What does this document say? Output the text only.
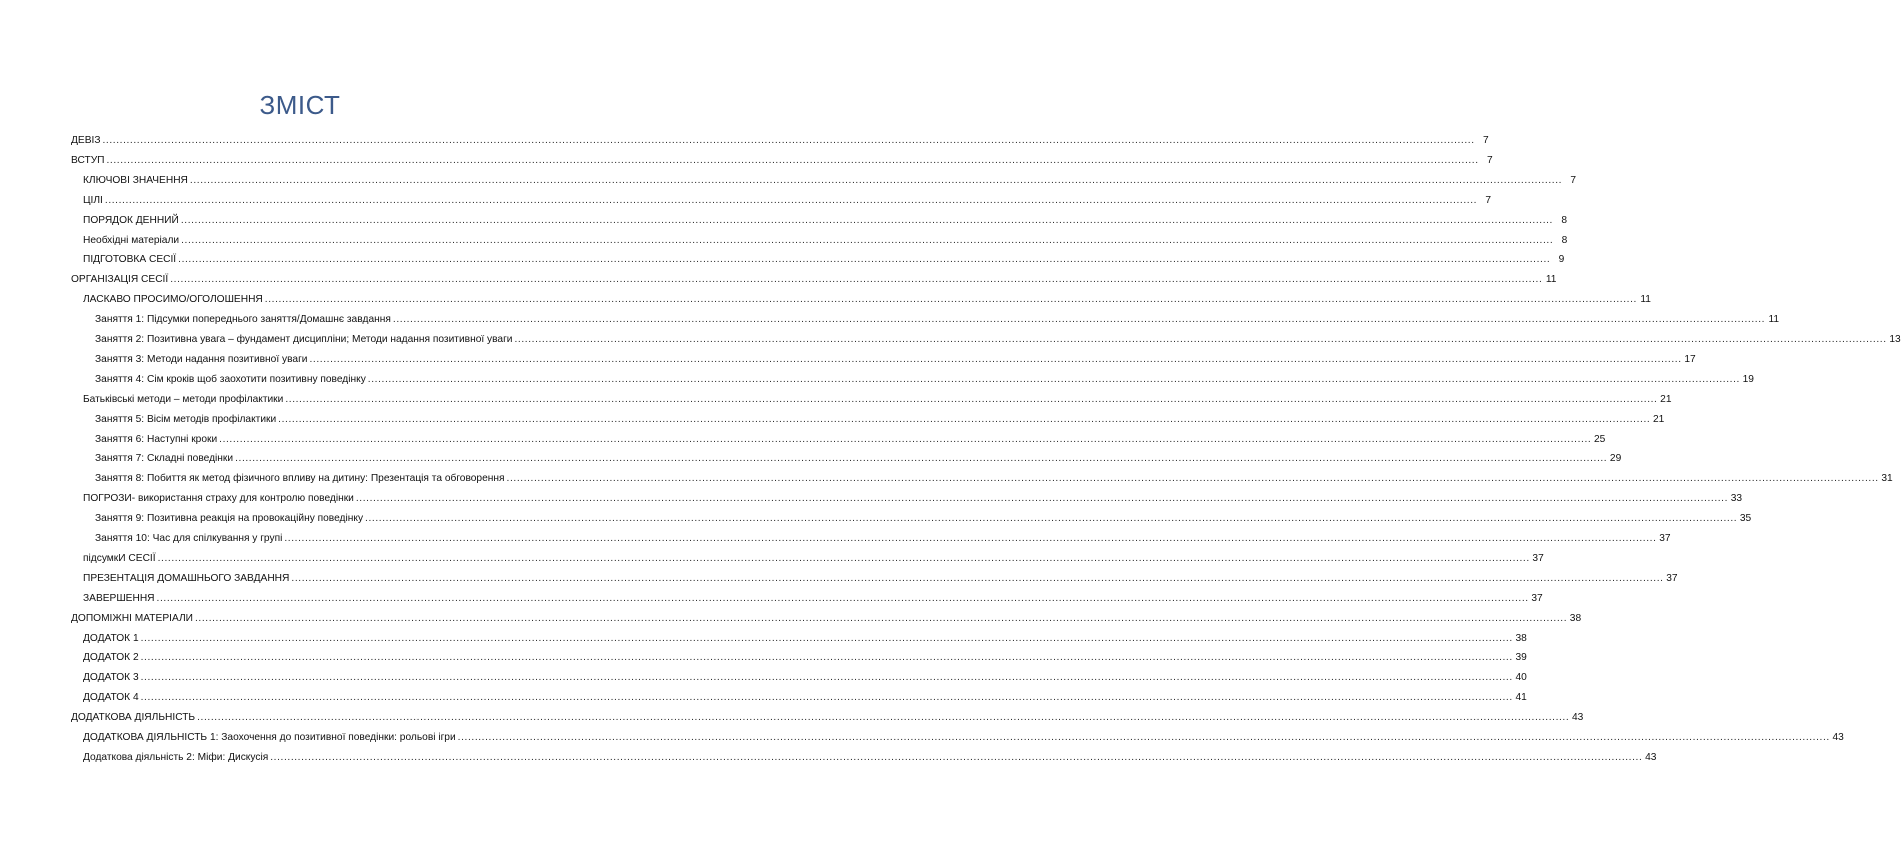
ЗМІСТ
ДЕВІЗ ................................................................................................................................................................................................................................................................................................................................................................................................................ 7
ВСТУП ................................................................................................................................................................................................................................................................................................................................................................................................................ 7
КЛЮЧОВІ ЗНАЧЕННЯ ................................................................................................................................................................................................................................................................................................................................................................................................................ 7
ЦІЛІ ................................................................................................................................................................................................................................................................................................................................................................................................................ 7
ПОРЯДОК ДЕННИЙ ................................................................................................................................................................................................................................................................................................................................................................................................................ 8
Необхідні матеріали ................................................................................................................................................................................................................................................................................................................................................................................................................ 8
ПІДГОТОВКА СЕСІЇ ................................................................................................................................................................................................................................................................................................................................................................................................................ 9
ОРГАНІЗАЦІЯ СЕСІЇ ................................................................................................................................................................................................................................................................................................................................................................................................................ 11
ЛАСКАВО ПРОСИМО/ОГОЛОШЕННЯ ................................................................................................................................................................................................................................................................................................................................................................................................................ 11
Заняття 1: Підсумки попереднього заняття/Домашнє завдання ................................................................................................................................................................................................................................................................................................................................................................................................................ 11
Заняття 2: Позитивна увага – фундамент дисципліни; Методи надання позитивної уваги ................................................................................................................................................................................................................................................................................................................................................................................................................ 13
Заняття 3: Методи надання позитивної уваги ................................................................................................................................................................................................................................................................................................................................................................................................................ 17
Заняття 4: Сім кроків щоб заохотити позитивну поведінку ................................................................................................................................................................................................................................................................................................................................................................................................................ 19
Батьківські методи – методи профілактики ................................................................................................................................................................................................................................................................................................................................................................................................................ 21
Заняття 5: Вісім методів профілактики ................................................................................................................................................................................................................................................................................................................................................................................................................ 21
Заняття 6: Наступні кроки ................................................................................................................................................................................................................................................................................................................................................................................................................ 25
Заняття 7: Складні поведінки ................................................................................................................................................................................................................................................................................................................................................................................................................ 29
Заняття 8: Побиття як метод фізичного впливу на дитину: Презентація та обговорення ................................................................................................................................................................................................................................................................................................................................................................................................................ 31
ПОГРОЗИ- використання страху для контролю поведінки ................................................................................................................................................................................................................................................................................................................................................................................................................ 33
Заняття 9: Позитивна реакція на провокаційну поведінку ................................................................................................................................................................................................................................................................................................................................................................................................................ 35
Заняття 10: Час для спілкування у групі ................................................................................................................................................................................................................................................................................................................................................................................................................ 37
підсумкИ СЕСІЇ ................................................................................................................................................................................................................................................................................................................................................................................................................ 37
ПРЕЗЕНТАЦІЯ ДОМАШНЬОГО ЗАВДАННЯ ................................................................................................................................................................................................................................................................................................................................................................................................................ 37
ЗАВЕРШЕННЯ ................................................................................................................................................................................................................................................................................................................................................................................................................ 37
ДОПОМІЖНІ МАТЕРІАЛИ ................................................................................................................................................................................................................................................................................................................................................................................................................ 38
ДОДАТОК 1 ................................................................................................................................................................................................................................................................................................................................................................................................................ 38
ДОДАТОК 2 ................................................................................................................................................................................................................................................................................................................................................................................................................ 39
ДОДАТОК 3 ................................................................................................................................................................................................................................................................................................................................................................................................................ 40
ДОДАТОК 4 ................................................................................................................................................................................................................................................................................................................................................................................................................ 41
ДОДАТКОВА ДІЯЛЬНІСТЬ ................................................................................................................................................................................................................................................................................................................................................................................................................ 43
ДОДАТКОВА ДІЯЛЬНІСТЬ 1: Заохочення до позитивної поведінки: рольові ігри ................................................................................................................................................................................................................................................................................................................................................................................................................ 43
Додаткова діяльність 2: Міфи: Дискусія ................................................................................................................................................................................................................................................................................................................................................................................................................ 43
